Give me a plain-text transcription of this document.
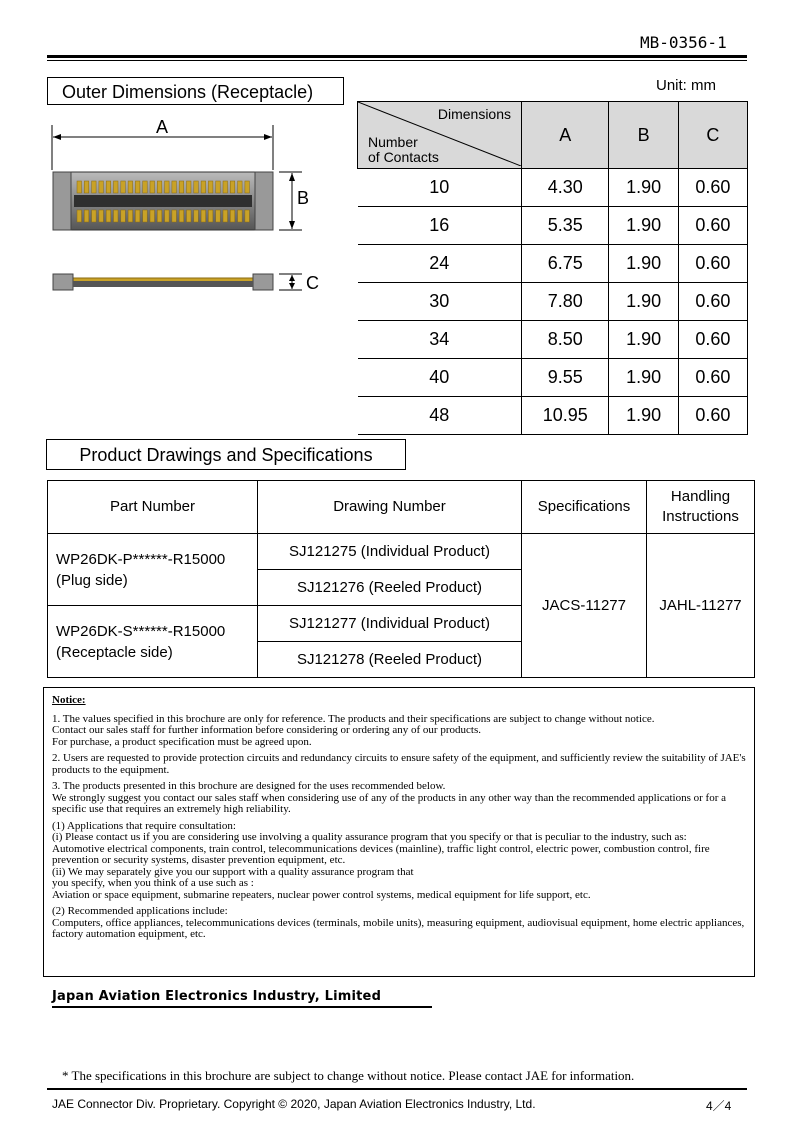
MB-0356-1
Outer Dimensions (Receptacle)	Unit: mm
A
B
C
Dimensions
Number
of Contacts	A	B	C
10	4.30	1.90	0.60
16	5.35	1.90	0.60
24	6.75	1.90	0.60
30	7.80	1.90	0.60
34	8.50	1.90	0.60
40	9.55	1.90	0.60
48	10.95	1.90	0.60
Product Drawings and Specifications
Part Number	Drawing Number	Specifications	Handling
Instructions
WP26DK-P******-R15000
(Plug side)	SJ121275 (Individual Product)	JACS-11277	JAHL-11277
	SJ121276 (Reeled Product)		
WP26DK-S******-R15000
(Receptacle side)	SJ121277 (Individual Product)		
	SJ121278 (Reeled Product)		
Notice:

1. The values specified in this brochure are only for reference. The products and their specifications are subject to change without notice.
Contact our sales staff for further information before considering or ordering any of our products.
For purchase, a product specification must be agreed upon.

2. Users are requested to provide protection circuits and redundancy circuits to ensure safety of the equipment, and sufficiently review the suitability of JAE's products to the equipment.

3. The products presented in this brochure are designed for the uses recommended below.
We strongly suggest you contact our sales staff when considering use of any of the products in any other way than the recommended applications or for a specific use that requires an extremely high reliability.

(1) Applications that require consultation:
(i) Please contact us if you are considering use involving a quality assurance program that you specify or that is peculiar to the industry, such as:
Automotive electrical components, train control, telecommunications devices (mainline), traffic light control, electric power, combustion control, fire prevention or security systems, disaster prevention equipment, etc.
(ii) We may separately give you our support with a quality assurance program that
you specify, when you think of a use such as :
Aviation or space equipment, submarine repeaters, nuclear power control systems, medical equipment for life support, etc.

(2) Recommended applications include:
Computers, office appliances, telecommunications devices (terminals, mobile units), measuring equipment, audiovisual equipment, home electric appliances, factory automation equipment, etc.

Japan Aviation Electronics Industry, Limited
* The specifications in this brochure are subject to change without notice. Please contact JAE for information.
JAE Connector Div. Proprietary. Copyright © 2020, Japan Aviation Electronics Industry, Ltd.	4／4
